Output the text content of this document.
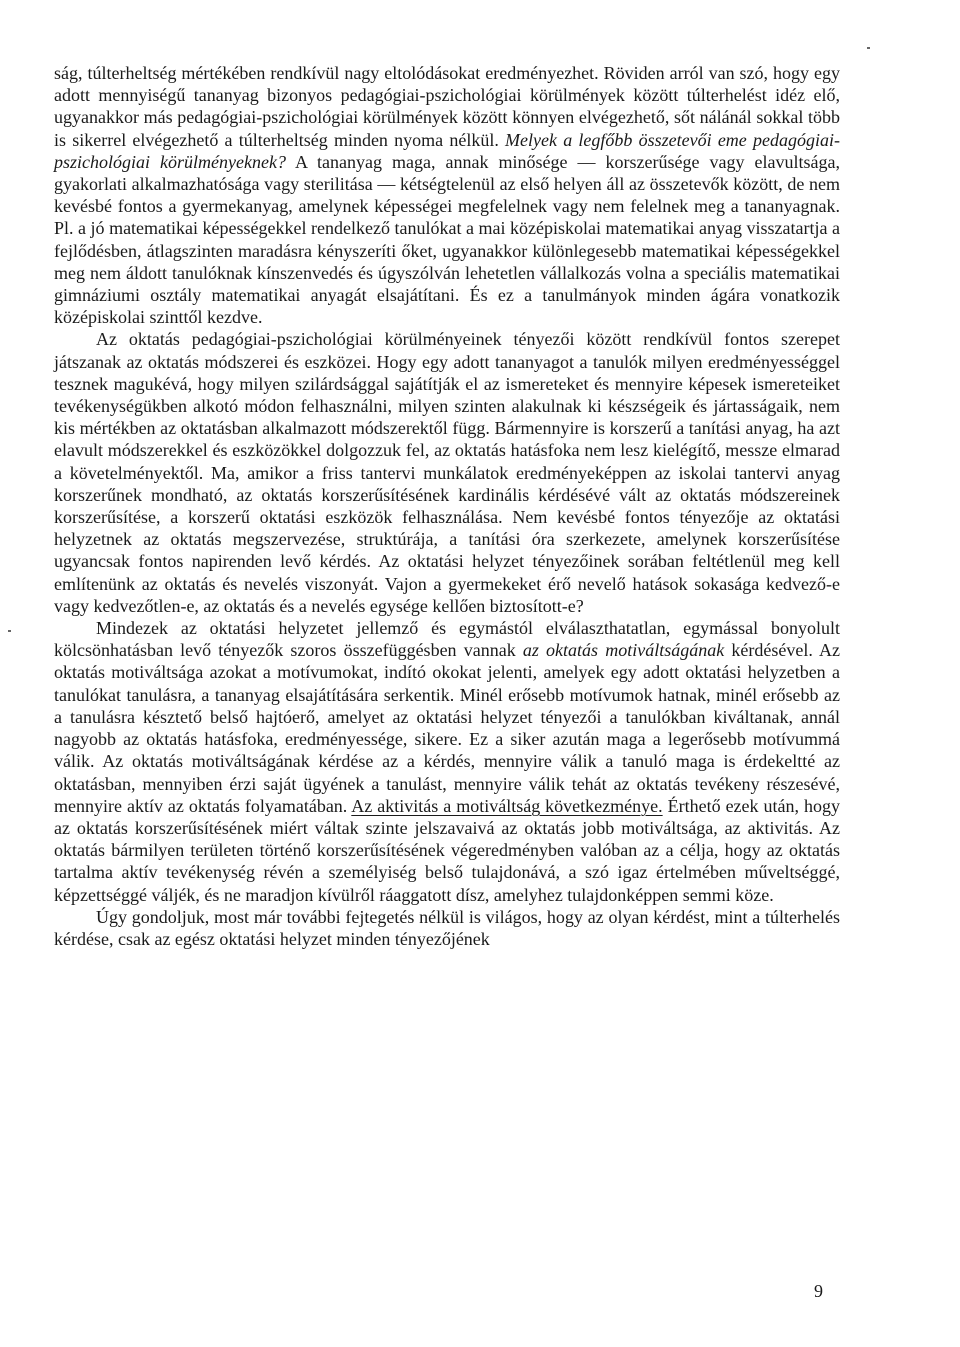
ság, túlterheltség mértékében rendkívül nagy eltolódásokat eredményezhet. Röviden arról van szó, hogy egy adott mennyiségű tananyag bizonyos pedagógiai-pszichológiai körülmények között túlterhelést idéz elő, ugyanakkor más pedagógiai-pszichológiai körülmények között könnyen elvégezhető, sőt nálánál sokkal több is sikerrel elvégezhető a túlterheltség minden nyoma nélkül. Melyek a legfőbb összetevői eme pedagógiai-pszichológiai körülményeknek? A tananyag maga, annak minősége — korszerűsége vagy elavultsága, gyakorlati alkalmazhatósága vagy sterilitása — kétségtelenül az első helyen áll az összetevők között, de nem kevésbé fontos a gyermekanyag, amelynek képességei megfelelnek vagy nem felelnek meg a tananyagnak. Pl. a jó matematikai képességekkel rendelkező tanulókat a mai középiskolai matematikai anyag visszatartja a fejlődésben, átlagszinten maradásra kényszeríti őket, ugyanakkor különlegesebb matematikai képességekkel meg nem áldott tanulóknak kínszenvedés és úgyszólván lehetetlen vállalkozás volna a speciális matematikai gimnáziumi osztály matematikai anyagát elsajátítani. És ez a tanulmányok minden ágára vonatkozik középiskolai szinttől kezdve.

Az oktatás pedagógiai-pszichológiai körülményeinek tényezői között rendkívül fontos szerepet játszanak az oktatás módszerei és eszközei. Hogy egy adott tananyagot a tanulók milyen eredményességgel tesznek magukévá, hogy milyen szilárdsággal sajátítják el az ismereteket és mennyire képesek ismereteiket tevékenységükben alkotó módon felhasználni, milyen szinten alakulnak ki készségeik és jártasságaik, nem kis mértékben az oktatásban alkalmazott módszerektől függ. Bármennyire is korszerű a tanítási anyag, ha azt elavult módszerekkel és eszközökkel dolgozzuk fel, az oktatás hatásfoka nem lesz kielégítő, messze elmarad a követelményektől. Ma, amikor a friss tantervi munkálatok eredményeképpen az iskolai tantervi anyag korszerűnek mondható, az oktatás korszerűsítésének kardinális kérdésévé vált az oktatás módszereinek korszerűsítése, a korszerű oktatási eszközök felhasználása. Nem kevésbé fontos tényezője az oktatási helyzetnek az oktatás megszervezése, struktúrája, a tanítási óra szerkezete, amelynek korszerűsítése ugyancsak fontos napirenden levő kérdés. Az oktatási helyzet tényezőinek sorában feltétlenül meg kell említenünk az oktatás és nevelés viszonyát. Vajon a gyermekeket érő nevelő hatások sokasága kedvező-e vagy kedvezőtlen-e, az oktatás és a nevelés egysége kellően biztosított-e?

Mindezek az oktatási helyzetet jellemző és egymástól elválaszthatatlan, egymással bonyolult kölcsönhatásban levő tényezők szoros összefüggésben vannak az oktatás motiváltságának kérdésével. Az oktatás motiváltsága azokat a motívumokat, indító okokat jelenti, amelyek egy adott oktatási helyzetben a tanulókat tanulásra, a tananyag elsajátítására serkentik. Minél erősebb motívumok hatnak, minél erősebb az a tanulásra késztető belső hajtóerő, amelyet az oktatási helyzet tényezői a tanulókban kiváltanak, annál nagyobb az oktatás hatásfoka, eredményessége, sikere. Ez a siker azután maga a legerősebb motívummá válik. Az oktatás motiváltságának kérdése az a kérdés, mennyire válik a tanuló maga is érdekeltté az oktatásban, mennyiben érzi saját ügyének a tanulást, mennyire válik tehát az oktatás tevékeny részesévé, mennyire aktív az oktatás folyamatában. Az aktivitás a motiváltság következménye. Érthető ezek után, hogy az oktatás korszerűsítésének miért váltak szinte jelszavaivá az oktatás jobb motiváltsága, az aktivitás. Az oktatás bármilyen területen történő korszerűsítésének végeredményben valóban az a célja, hogy az oktatás tartalma aktív tevékenység révén a személyiség belső tulajdonává, a szó igaz értelmében műveltséggé, képzettséggé váljék, és ne maradjon kívülről ráaggatott dísz, amelyhez tulajdonképpen semmi köze.

Úgy gondoljuk, most már további fejtegetés nélkül is világos, hogy az olyan kérdést, mint a túlterhelés kérdése, csak az egész oktatási helyzet minden tényezőjének

9
